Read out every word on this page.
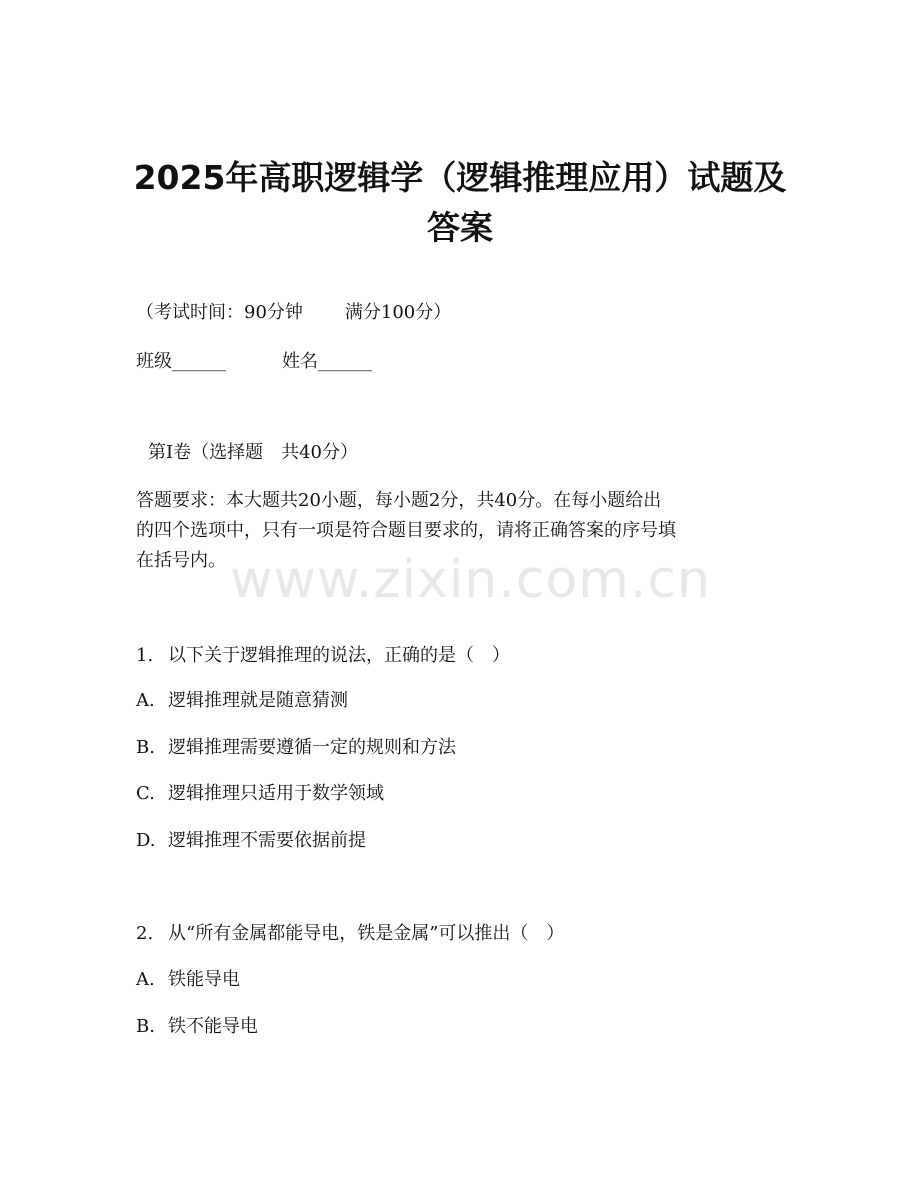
2025年高职逻辑学（逻辑推理应用）试题及
答案

（考试时间：90分钟 满分100分）

班级______	姓名______

第I卷（选择题　共40分）

答题要求：本大题共20小题，每小题2分，共40分。在每小题给出
的四个选项中，只有一项是符合题目要求的，请将正确答案的序号填
在括号内。 www.zixin.com.cn

1. 以下关于逻辑推理的说法，正确的是（　）

A. 逻辑推理就是随意猜测

B. 逻辑推理需要遵循一定的规则和方法

C. 逻辑推理只适用于数学领域

D. 逻辑推理不需要依据前提

2. 从“所有金属都能导电，铁是金属”可以推出（　）

A. 铁能导电

B. 铁不能导电
